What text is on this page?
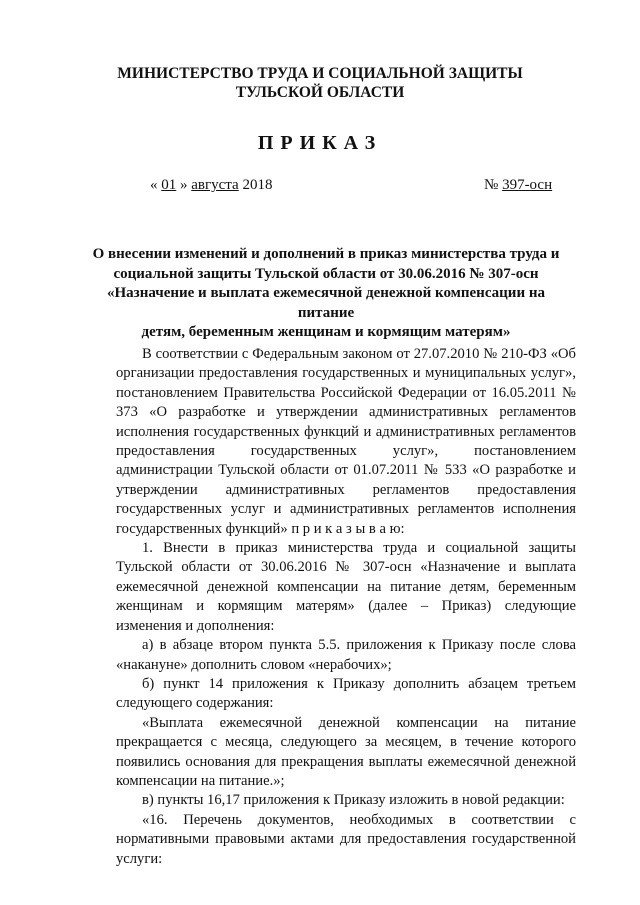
МИНИСТЕРСТВО ТРУДА И СОЦИАЛЬНОЙ ЗАЩИТЫ
ТУЛЬСКОЙ ОБЛАСТИ
ПРИКАЗ
« 01 » августа 2018	№ 397-осн
О внесении изменений и дополнений в приказ министерства труда и
социальной защиты Тульской области от 30.06.2016 № 307-осн
«Назначение и выплата ежемесячной денежной компенсации на питание
детям, беременным женщинам и кормящим матерям»

В соответствии с Федеральным законом от 27.07.2010 № 210-ФЗ «Об организации предоставления государственных и муниципальных услуг», постановлением Правительства Российской Федерации от 16.05.2011 № 373 «О разработке и утверждении административных регламентов исполнения государственных функций и административных регламентов предоставления государственных услуг», постановлением администрации Тульской области от 01.07.2011 № 533 «О разработке и утверждении административных регламентов предоставления государственных услуг и административных регламентов исполнения государственных функций» п р и к а з ы в а ю:

1. Внести в приказ министерства труда и социальной защиты Тульской области от 30.06.2016 № 307-осн «Назначение и выплата ежемесячной денежной компенсации на питание детям, беременным женщинам и кормящим матерям» (далее – Приказ) следующие изменения и дополнения:

а) в абзаце втором пункта 5.5. приложения к Приказу после слова «накануне» дополнить словом «нерабочих»;

б) пункт 14 приложения к Приказу дополнить абзацем третьем следующего содержания:

«Выплата ежемесячной денежной компенсации на питание прекращается с месяца, следующего за месяцем, в течение которого появились основания для прекращения выплаты ежемесячной денежной компенсации на питание.»;

в) пункты 16,17 приложения к Приказу изложить в новой редакции:

«16. Перечень документов, необходимых в соответствии с нормативными правовыми актами для предоставления государственной услуги:
